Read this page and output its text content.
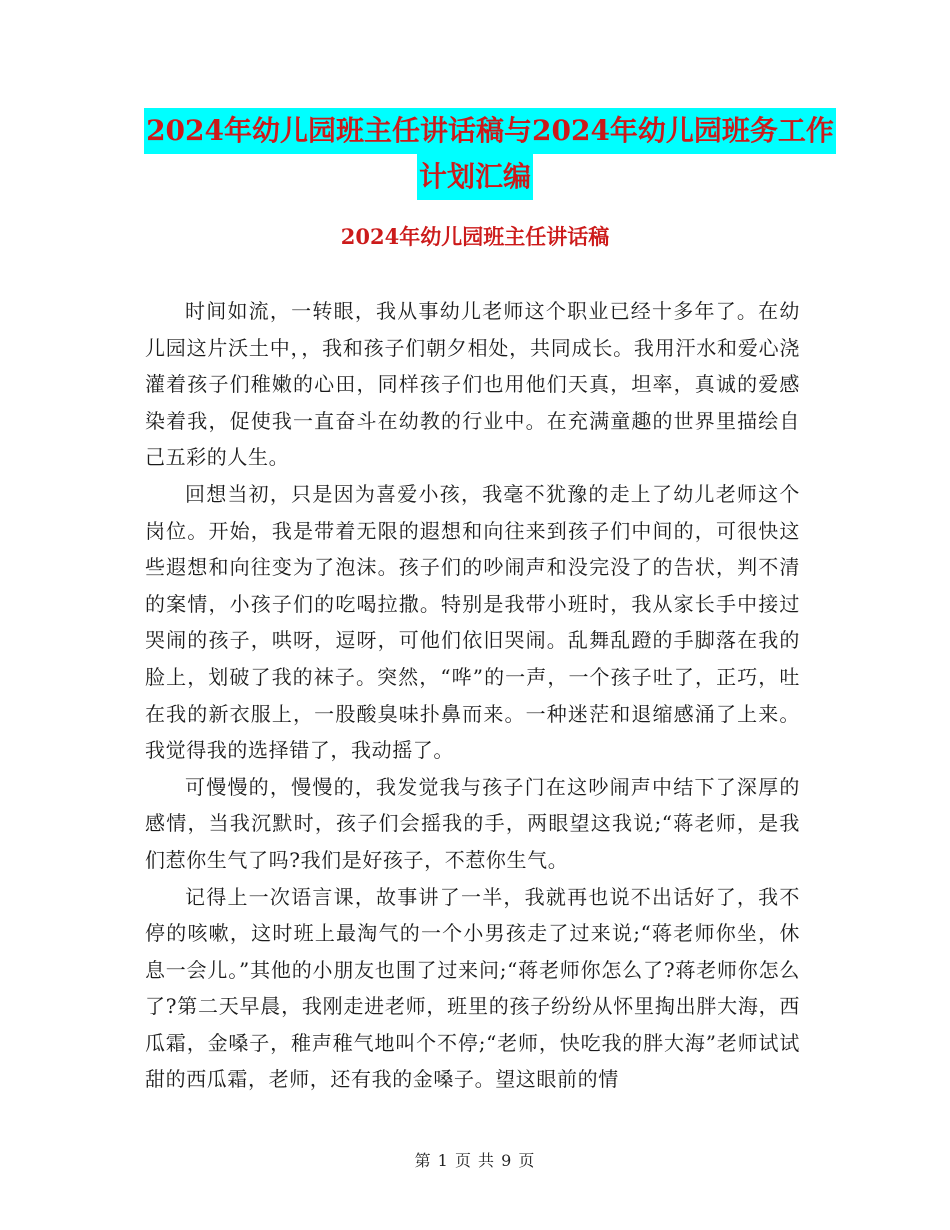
2024年幼儿园班主任讲话稿与2024年幼儿园班务工作
计划汇编
2024年幼儿园班主任讲话稿

时间如流，一转眼，我从事幼儿老师这个职业已经十多年了。在幼儿园这片沃土中，，我和孩子们朝夕相处，共同成长。我用汗水和爱心浇灌着孩子们稚嫩的心田，同样孩子们也用他们天真，坦率，真诚的爱感染着我，促使我一直奋斗在幼教的行业中。在充满童趣的世界里描绘自己五彩的人生。

回想当初，只是因为喜爱小孩，我毫不犹豫的走上了幼儿老师这个岗位。开始，我是带着无限的遐想和向往来到孩子们中间的，可很快这些遐想和向往变为了泡沫。孩子们的吵闹声和没完没了的告状，判不清的案情，小孩子们的吃喝拉撒。特别是我带小班时，我从家长手中接过哭闹的孩子，哄呀，逗呀，可他们依旧哭闹。乱舞乱蹬的手脚落在我的脸上，划破了我的袜子。突然，“哗”的一声，一个孩子吐了，正巧，吐在我的新衣服上，一股酸臭味扑鼻而来。一种迷茫和退缩感涌了上来。我觉得我的选择错了，我动摇了。

可慢慢的，慢慢的，我发觉我与孩子门在这吵闹声中结下了深厚的感情，当我沉默时，孩子们会摇我的手，两眼望这我说;“蒋老师，是我们惹你生气了吗?我们是好孩子，不惹你生气。

记得上一次语言课，故事讲了一半，我就再也说不出话好了，我不停的咳嗽，这时班上最淘气的一个小男孩走了过来说;“蒋老师你坐，休息一会儿。”其他的小朋友也围了过来问;“蒋老师你怎么了?蒋老师你怎么了?第二天早晨，我刚走进老师，班里的孩子纷纷从怀里掏出胖大海，西瓜霜，金嗓子，稚声稚气地叫个不停;“老师，快吃我的胖大海”老师试试甜的西瓜霜，老师，还有我的金嗓子。望这眼前的情

第 1 页 共 9 页
